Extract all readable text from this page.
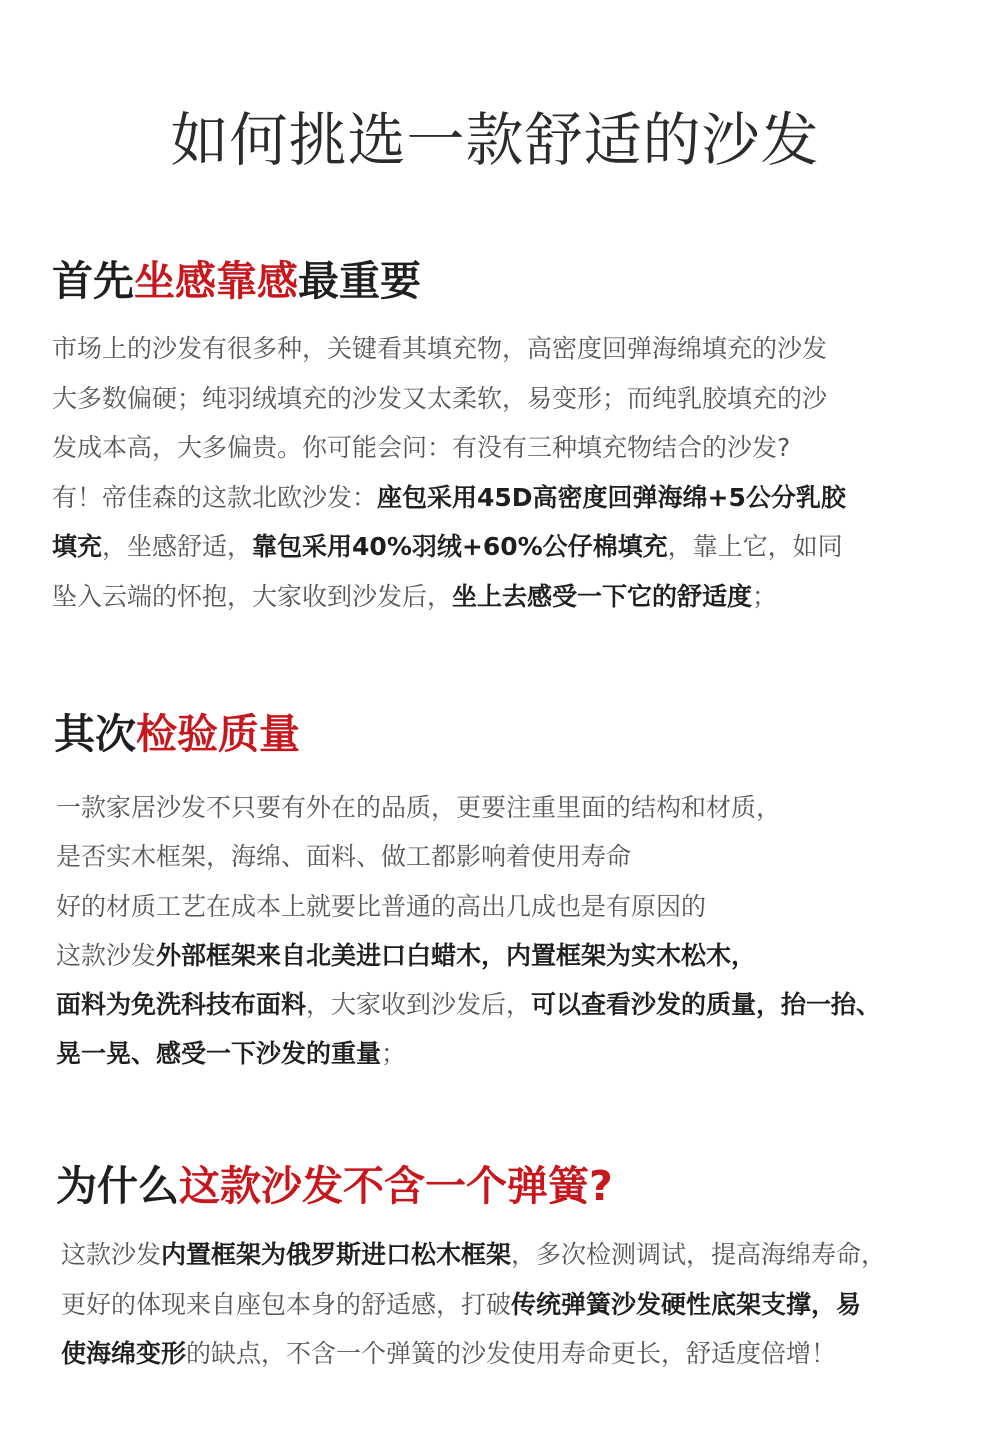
如何挑选一款舒适的沙发
首先坐感靠感最重要
市场上的沙发有很多种，关键看其填充物，高密度回弹海绵填充的沙发
大多数偏硬；纯羽绒填充的沙发又太柔软，易变形；而纯乳胶填充的沙
发成本高，大多偏贵。你可能会问：有没有三种填充物结合的沙发?
有！帝佳森的这款北欧沙发：座包采用45D高密度回弹海绵+5公分乳胶
填充，坐感舒适，靠包采用40%羽绒+60%公仔棉填充，靠上它，如同
坠入云端的怀抱，大家收到沙发后，坐上去感受一下它的舒适度；
其次检验质量
一款家居沙发不只要有外在的品质，更要注重里面的结构和材质，
是否实木框架，海绵、面料、做工都影响着使用寿命
好的材质工艺在成本上就要比普通的高出几成也是有原因的
这款沙发外部框架来自北美进口白蜡木，内置框架为实木松木，
面料为免洗科技布面料，大家收到沙发后，可以查看沙发的质量，抬一抬、
晃一晃、感受一下沙发的重量；
为什么这款沙发不含一个弹簧?
这款沙发内置框架为俄罗斯进口松木框架，多次检测调试，提高海绵寿命，
更好的体现来自座包本身的舒适感，打破传统弹簧沙发硬性底架支撑，易
使海绵变形的缺点，不含一个弹簧的沙发使用寿命更长，舒适度倍增！
